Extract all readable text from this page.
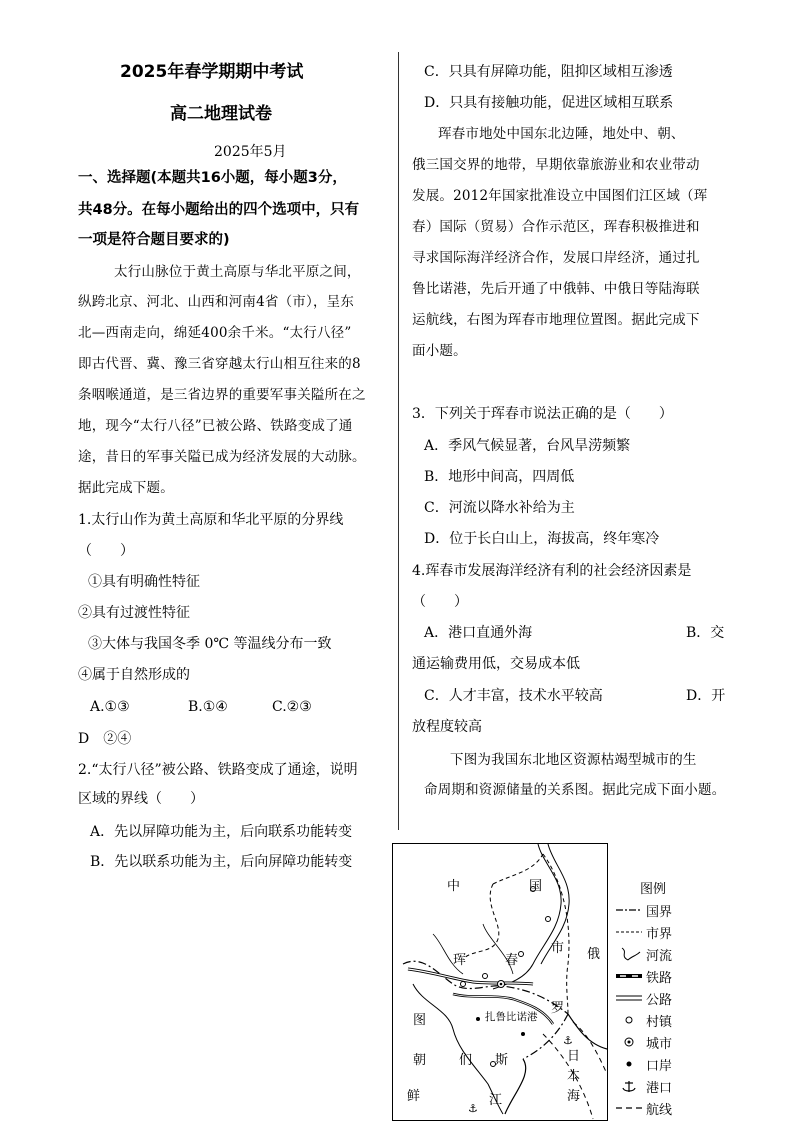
2025年春学期期中考试
高二地理试卷
2025年5月
一、选择题(本题共16小题，每小题3分，
共48分。在每小题给出的四个选项中，只有
一项是符合题目要求的)
太行山脉位于黄土高原与华北平原之间，
纵跨北京、河北、山西和河南4省（市），呈东
北—西南走向，绵延400余千米。“太行八径”
即古代晋、冀、豫三省穿越太行山相互往来的8
条咽喉通道，是三省边界的重要军事关隘所在之
地，现今“太行八径”已被公路、铁路变成了通
途，昔日的军事关隘已成为经济发展的大动脉。
据此完成下题。
1.太行山作为黄土高原和华北平原的分界线
（　　）
①具有明确性特征
②具有过渡性特征
③大体与我国冬季 0℃ 等温线分布一致
④属于自然形成的
A.①③	B.①④	C.②③
D　②④
2.“太行八径”被公路、铁路变成了通途，说明
区域的界线（　　）
A．先以屏障功能为主，后向联系功能转变
B．先以联系功能为主，后向屏障功能转变
C．只具有屏障功能，阻抑区域相互渗透
D．只具有接触功能，促进区域相互联系
珲春市地处中国东北边陲，地处中、朝、
俄三国交界的地带，早期依靠旅游业和农业带动
发展。2012年国家批准设立中国图们江区域（珲
春）国际（贸易）合作示范区，珲春积极推进和
寻求国际海洋经济合作，发展口岸经济，通过扎
鲁比诺港，先后开通了中俄韩、中俄日等陆海联
运航线，右图为珲春市地理位置图。据此完成下
面小题。
3．下列关于珲春市说法正确的是（　　）
A．季风气候显著，台风旱涝频繁
B．地形中间高，四周低
C．河流以降水补给为主
D．位于长白山上，海拔高，终年寒冷
4.珲春市发展海洋经济有利的社会经济因素是
（　　）
A．港口直通外海	B．交
通运输费用低，交易成本低
C．人才丰富，技术水平较高	D．开
放程度较高
下图为我国东北地区资源枯竭型城市的生
命周期和资源储量的关系图。据此完成下面小题。
⚓
⚓
中	国
珲	春
市 俄
罗
斯
图
们
江
朝
鲜
日
本
海
扎鲁比诺港
图例
国界
市界
河流
铁路
公路
村镇
城市
口岸
港口
航线
